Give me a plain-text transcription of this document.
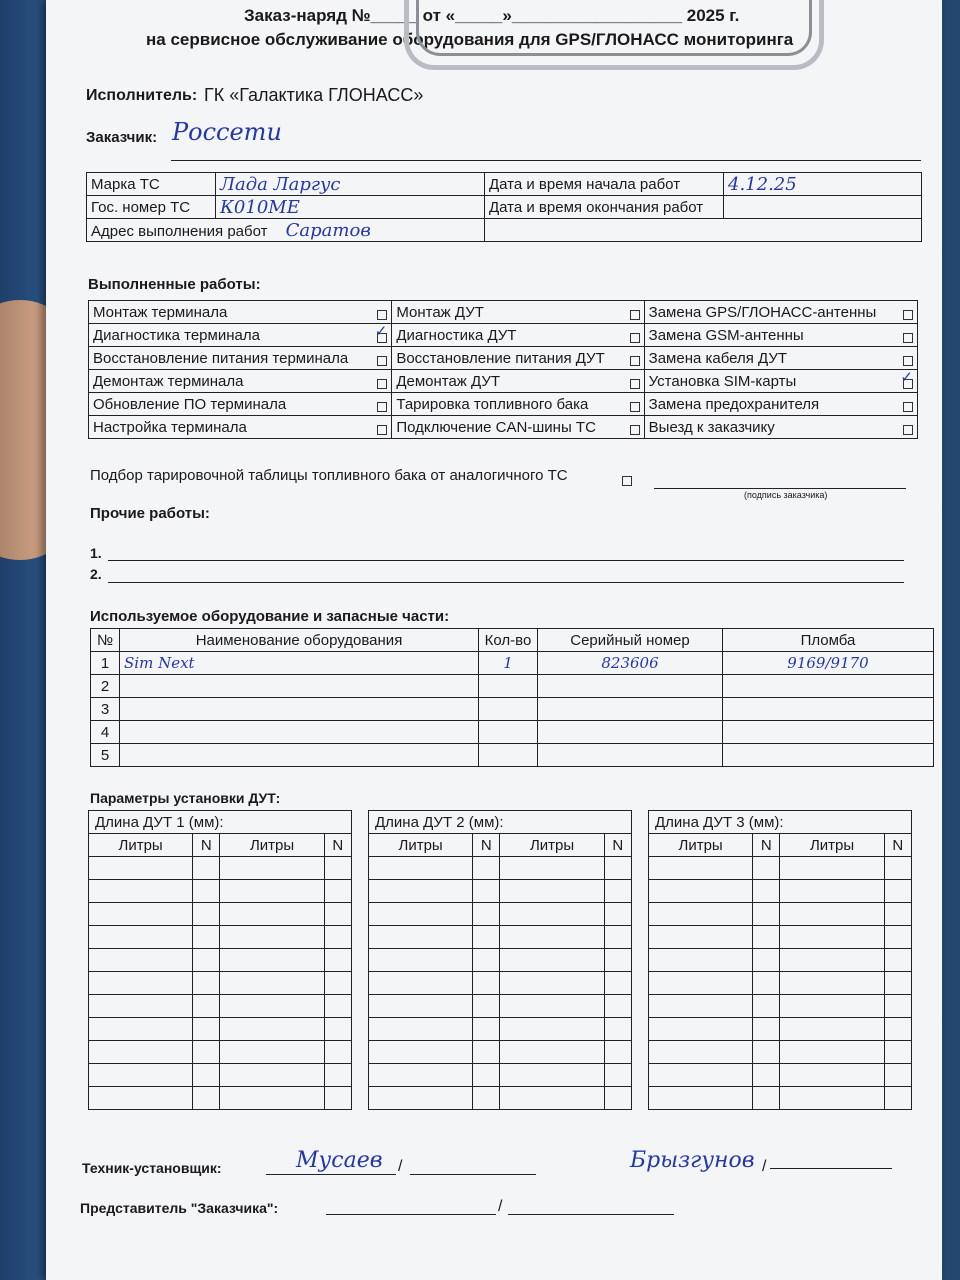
Заказ-наряд №_____ от «_____»__________________ 2025 г.
на сервисное обслуживание оборудования для GPS/ГЛОНАСС мониторинга
Исполнитель: ГК «Галактика ГЛОНАСС»
Заказчик: Россети
Марка ТС	Лада Ларгус	Дата и время начала работ	4.12.25
Гос. номер ТС	К010МЕ	Дата и время окончания работ	
Адрес выполнения работ Саратов			
Выполненные работы:
Монтаж терминала	Монтаж ДУТ	Замена GPS/ГЛОНАСС-антенны

Диагностика терминала ✓	Диагностика ДУТ	Замена GSM-антенны

Восстановление питания терминала	Восстановление питания ДУТ	Замена кабеля ДУТ

Демонтаж терминала	Демонтаж ДУТ	Установка SIM-карты ✓

Обновление ПО терминала	Тарировка топливного бака	Замена предохранителя

Настройка терминала	Подключение CAN-шины ТС	Выезд к заказчику
Подбор тарировочной таблицы топливного бака от аналогичного ТС
(подпись заказчика)
Прочие работы:
1.
2.
Используемое оборудование и запасные части:
№	Наименование оборудования	Кол-во	Серийный номер	Пломба
1	Sim Next	1	823606	9169/9170
2				
3				
4				
5				
Параметры установки ДУТ:
Длина ДУТ 1 (мм):			
Литры	N	Литры	N

Длина ДУТ 2 (мм):			
Литры	N	Литры	N

Длина ДУТ 3 (мм):			
Литры	N	Литры	N

Техник-установщик:	Мусаев /	Брызгунов /
Представитель "Заказчика":	/
